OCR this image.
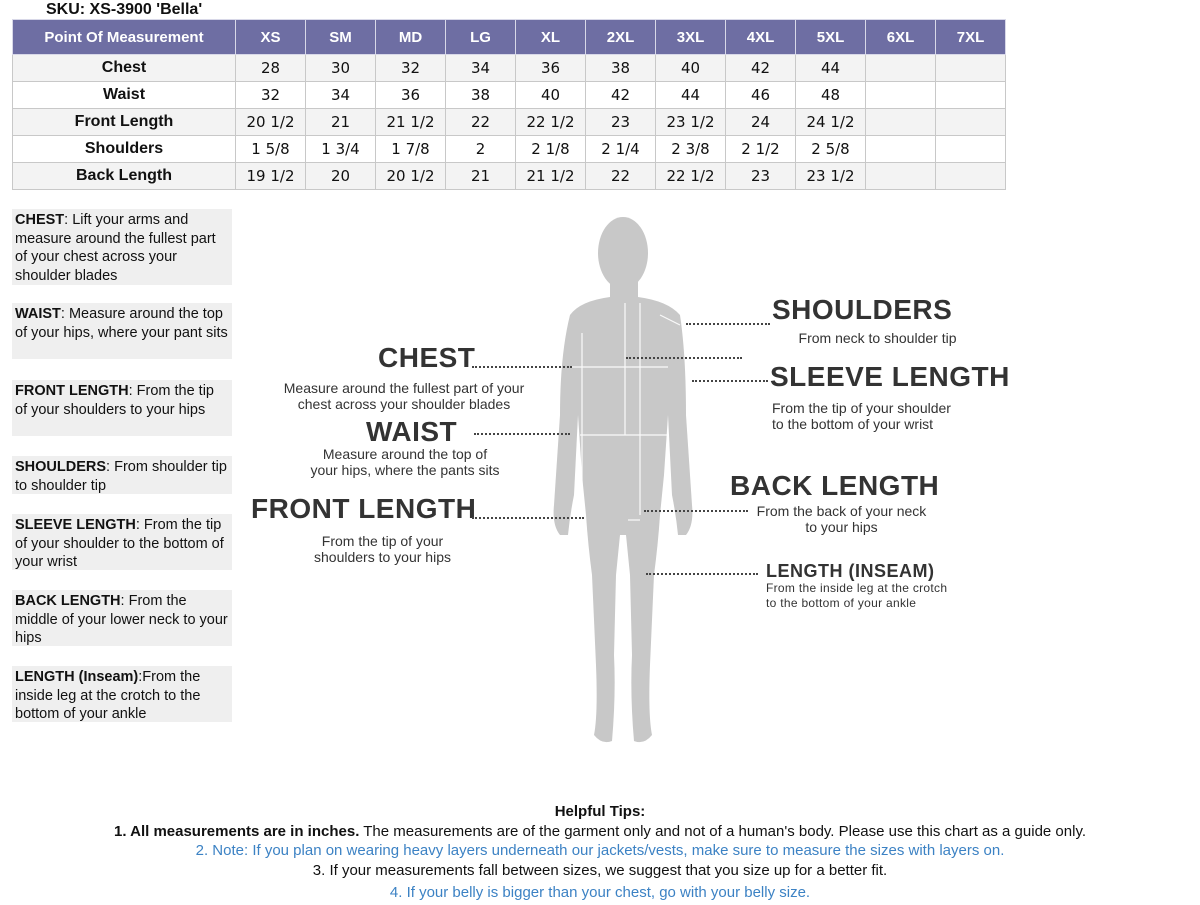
SKU: XS-3900 'Bella'
Point Of Measurement	XS	SM	MD	LG	XL	2XL	3XL	4XL	5XL	6XL	7XL
Chest	28	30	32	34	36	38	40	42	44		
Waist	32	34	36	38	40	42	44	46	48		
Front Length	20 1/2	21	21 1/2	22	22 1/2	23	23 1/2	24	24 1/2		
Shoulders	1 5/8	1 3/4	1 7/8	2	2 1/8	2 1/4	2 3/8	2 1/2	2 5/8		
Back Length	19 1/2	20	20 1/2	21	21 1/2	22	22 1/2	23	23 1/2		
CHEST: Lift your arms and measure around the fullest part of your chest across your shoulder blades
WAIST: Measure around the top of your hips, where your pant sits
FRONT LENGTH: From the tip of your shoulders to your hips
SHOULDERS: From shoulder tip to shoulder tip
SLEEVE LENGTH: From the tip of your shoulder to the bottom of your wrist
BACK LENGTH: From the middle of your lower neck to your hips
LENGTH (Inseam):From the inside leg at the crotch to the bottom of your ankle
CHEST
Measure around the fullest part of your
chest across your shoulder blades
WAIST
Measure around the top of
your hips, where the pants sits
FRONT LENGTH
From the tip of your
shoulders to your hips
SHOULDERS
From neck to shoulder tip
SLEEVE LENGTH
From the tip of your shoulder
to the bottom of your wrist
BACK LENGTH
From the back of your neck
to your hips
LENGTH (INSEAM)
From the inside leg at the crotch
to the bottom of your ankle
Helpful Tips:
1. All measurements are in inches. The measurements are of the garment only and not of a human's body. Please use this chart as a guide only.
2. Note: If you plan on wearing heavy layers underneath our jackets/vests, make sure to measure the sizes with layers on.
3. If your measurements fall between sizes, we suggest that you size up for a better fit.
4. If your belly is bigger than your chest, go with your belly size.
